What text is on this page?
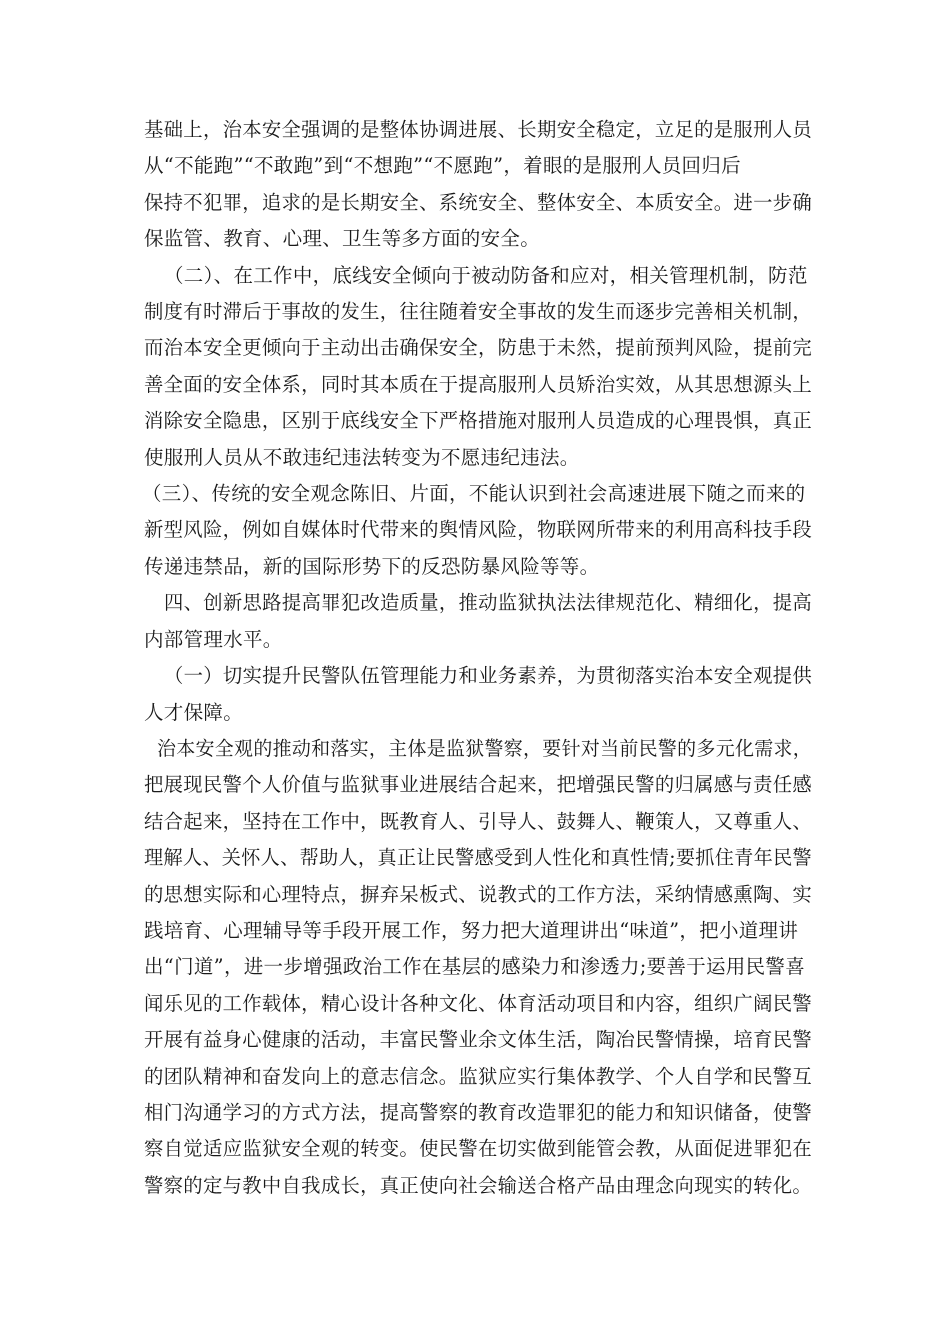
基础上，治本安全强调的是整体协调进展、长期安全稳定，立足的是服刑人员
从“不能跑”“不敢跑”到“不想跑”“不愿跑”，着眼的是服刑人员回归后
保持不犯罪，追求的是长期安全、系统安全、整体安全、本质安全。进一步确
保监管、教育、心理、卫生等多方面的安全。
（二）、在工作中，底线安全倾向于被动防备和应对，相关管理机制，防范
制度有时滞后于事故的发生，往往随着安全事故的发生而逐步完善相关机制，
而治本安全更倾向于主动出击确保安全，防患于未然，提前预判风险，提前完
善全面的安全体系，同时其本质在于提高服刑人员矫治实效，从其思想源头上
消除安全隐患，区别于底线安全下严格措施对服刑人员造成的心理畏惧，真正
使服刑人员从不敢违纪违法转变为不愿违纪违法。
（三）、传统的安全观念陈旧、片面，不能认识到社会高速进展下随之而来的
新型风险，例如自媒体时代带来的舆情风险，物联网所带来的利用高科技手段
传递违禁品，新的国际形势下的反恐防暴风险等等。
四、创新思路提高罪犯改造质量，推动监狱执法法律规范化、精细化，提高
内部管理水平。
（一）切实提升民警队伍管理能力和业务素养，为贯彻落实治本安全观提供
人才保障。
治本安全观的推动和落实，主体是监狱警察，要针对当前民警的多元化需求，
把展现民警个人价值与监狱事业进展结合起来，把增强民警的归属感与责任感
结合起来，坚持在工作中，既教育人、引导人、鼓舞人、鞭策人，又尊重人、
理解人、关怀人、帮助人，真正让民警感受到人性化和真性情;要抓住青年民警
的思想实际和心理特点，摒弃呆板式、说教式的工作方法，采纳情感熏陶、实
践培育、心理辅导等手段开展工作，努力把大道理讲出“味道”，把小道理讲
出“门道”，进一步增强政治工作在基层的感染力和渗透力;要善于运用民警喜
闻乐见的工作载体，精心设计各种文化、体育活动项目和内容，组织广阔民警
开展有益身心健康的活动，丰富民警业余文体生活，陶冶民警情操，培育民警
的团队精神和奋发向上的意志信念。监狱应实行集体教学、个人自学和民警互
相门沟通学习的方式方法，提高警察的教育改造罪犯的能力和知识储备，使警
察自觉适应监狱安全观的转变。使民警在切实做到能管会教，从面促进罪犯在
警察的定与教中自我成长，真正使向社会输送合格产品由理念向现实的转化。
